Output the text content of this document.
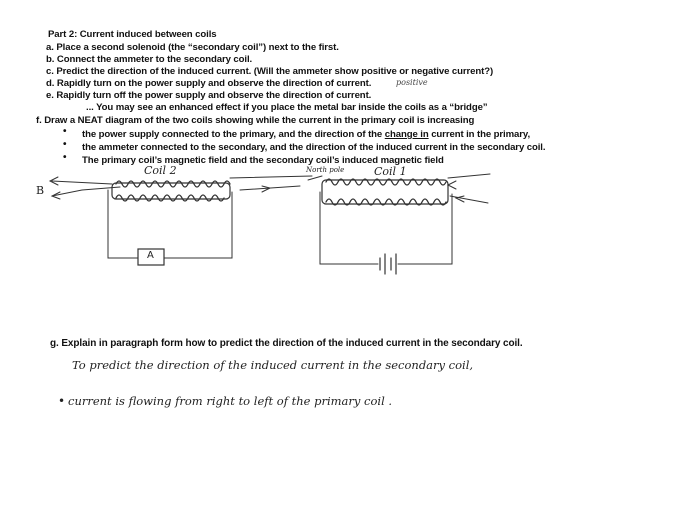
Part 2: Current induced between coils
a. Place a second solenoid (the “secondary coil”) next to the first.
b. Connect the ammeter to the secondary coil.
c. Predict the direction of the induced current. (Will the ammeter show positive or negative current?)
d. Rapidly turn on the power supply and observe the direction of current.	positive
e. Rapidly turn off the power supply and observe the direction of current.
... You may see an enhanced effect if you place the metal bar inside the coils as a “bridge”
f. Draw a NEAT diagram of the two coils showing while the current in the primary coil is increasing
• the power supply connected to the primary, and the direction of the change in current in the primary,
• the ammeter connected to the secondary, and the direction of the induced current in the secondary coil.
• The primary coil’s magnetic field and the secondary coil’s induced magnetic field
Coil 2	Coil 1
North pole
B
A
g. Explain in paragraph form how to predict the direction of the induced current in the secondary coil.
To predict the direction of the induced current in the secondary coil,
• current is flowing from right to left of the primary coil .
